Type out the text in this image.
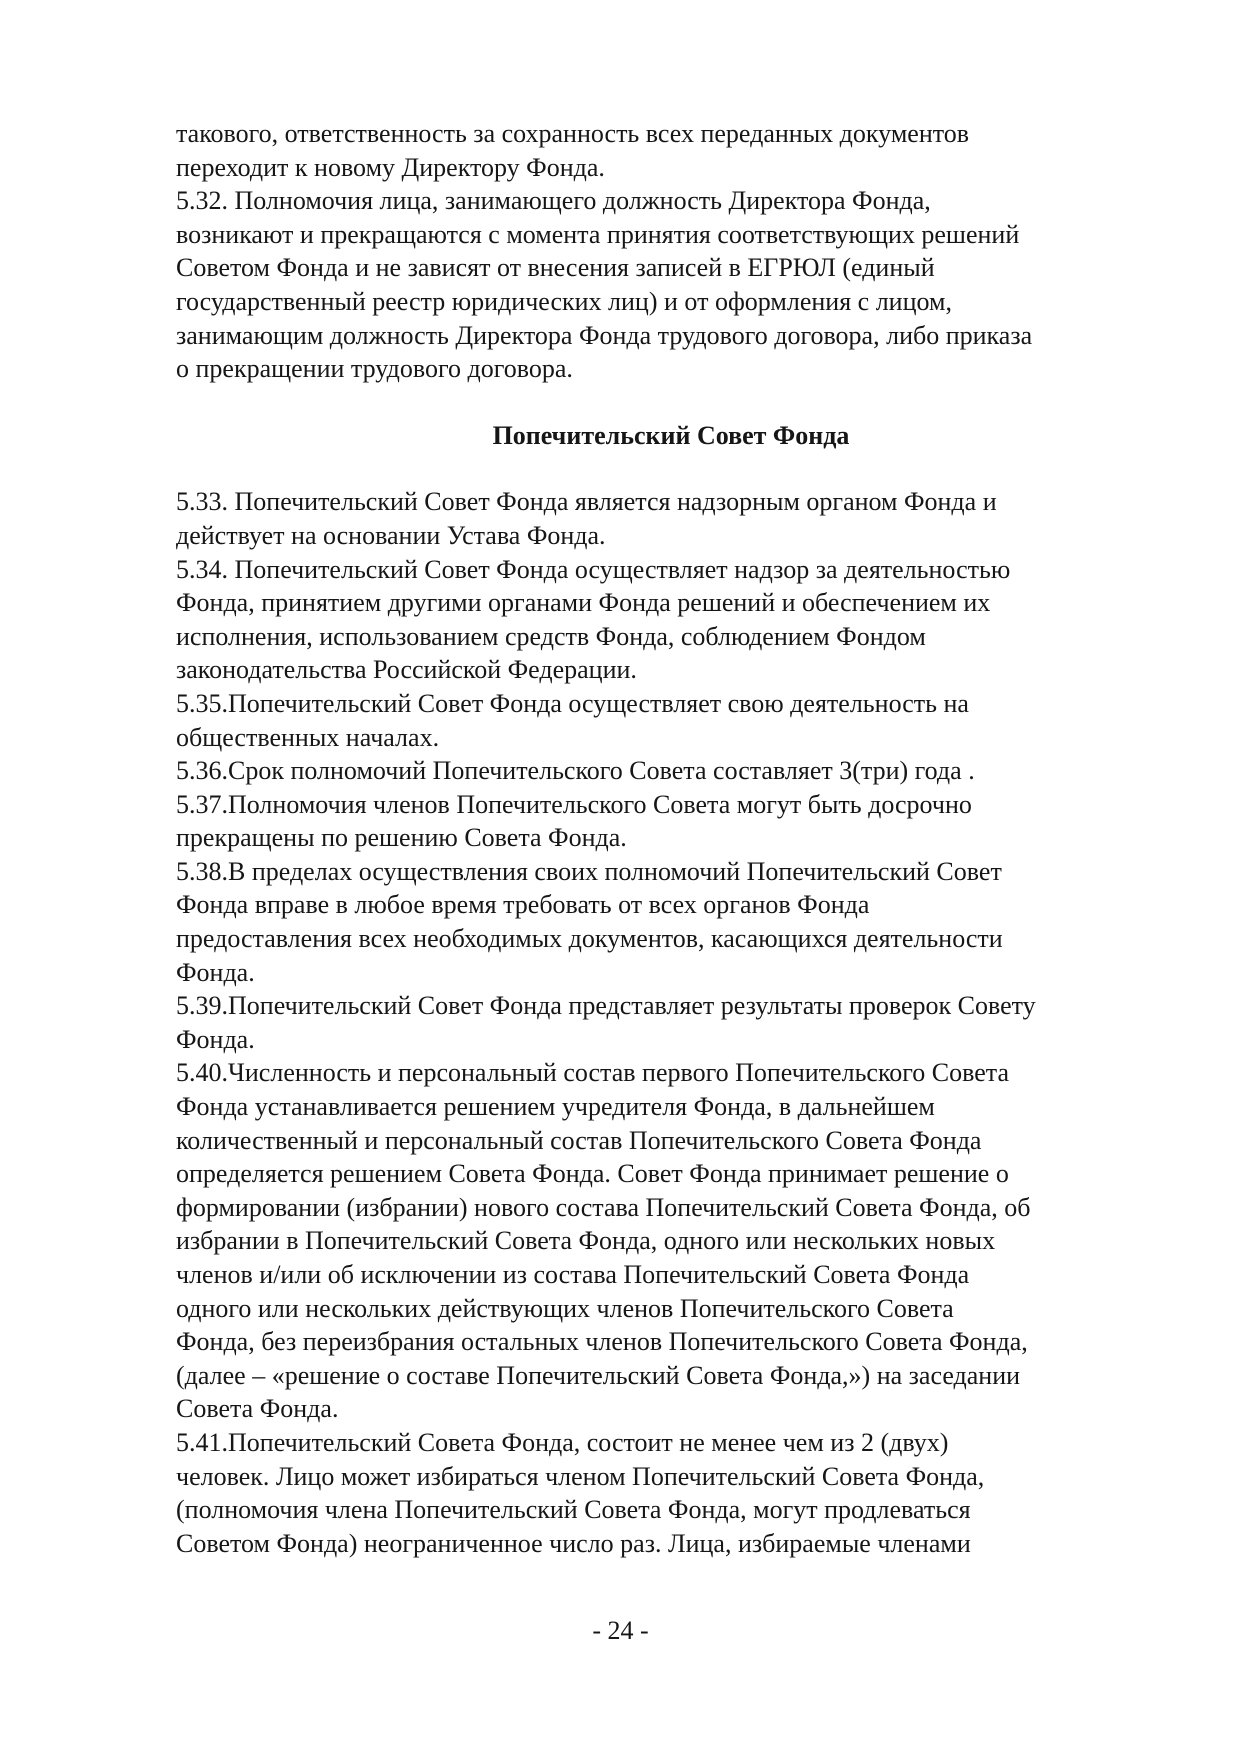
такового, ответственность за сохранность всех переданных документов
переходит к новому Директору Фонда.
5.32. Полномочия лица, занимающего должность Директора Фонда,
возникают и прекращаются с момента принятия соответствующих решений
Советом Фонда и не зависят от внесения записей в ЕГРЮЛ (единый
государственный реестр юридических лиц) и от оформления с лицом,
занимающим должность Директора Фонда трудового договора, либо приказа
о прекращении трудового договора.
Попечительский Совет Фонда
5.33. Попечительский Совет Фонда является надзорным органом Фонда и
действует на основании Устава Фонда.
5.34. Попечительский Совет Фонда осуществляет надзор за деятельностью
Фонда, принятием другими органами Фонда решений и обеспечением их
исполнения, использованием средств Фонда, соблюдением Фондом
законодательства Российской Федерации.
5.35.Попечительский Совет Фонда осуществляет свою деятельность на
общественных началах.
5.36.Срок полномочий Попечительского Совета составляет 3(три) года .
5.37.Полномочия членов Попечительского Совета могут быть досрочно
прекращены по решению Совета Фонда.
5.38.В пределах осуществления своих полномочий Попечительский Совет
Фонда вправе в любое время требовать от всех органов Фонда
предоставления всех необходимых документов, касающихся деятельности
Фонда.
5.39.Попечительский Совет Фонда представляет результаты проверок Совету
Фонда.
5.40.Численность и персональный состав первого Попечительского Совета
Фонда устанавливается решением учредителя Фонда, в дальнейшем
количественный и персональный состав Попечительского Совета Фонда
определяется решением Совета Фонда. Совет Фонда принимает решение о
формировании (избрании) нового состава Попечительский Совета Фонда, об
избрании в Попечительский Совета Фонда, одного или нескольких новых
членов и/или об исключении из состава Попечительский Совета Фонда
одного или нескольких действующих членов Попечительского Совета
Фонда, без переизбрания остальных членов Попечительского Совета Фонда,
(далее – «решение о составе Попечительский Совета Фонда,») на заседании
Совета Фонда.
5.41.Попечительский Совета Фонда, состоит не менее чем из 2 (двух)
человек. Лицо может избираться членом Попечительский Совета Фонда,
(полномочия члена Попечительский Совета Фонда, могут продлеваться
Советом Фонда) неограниченное число раз. Лица, избираемые членами
- 24 -
